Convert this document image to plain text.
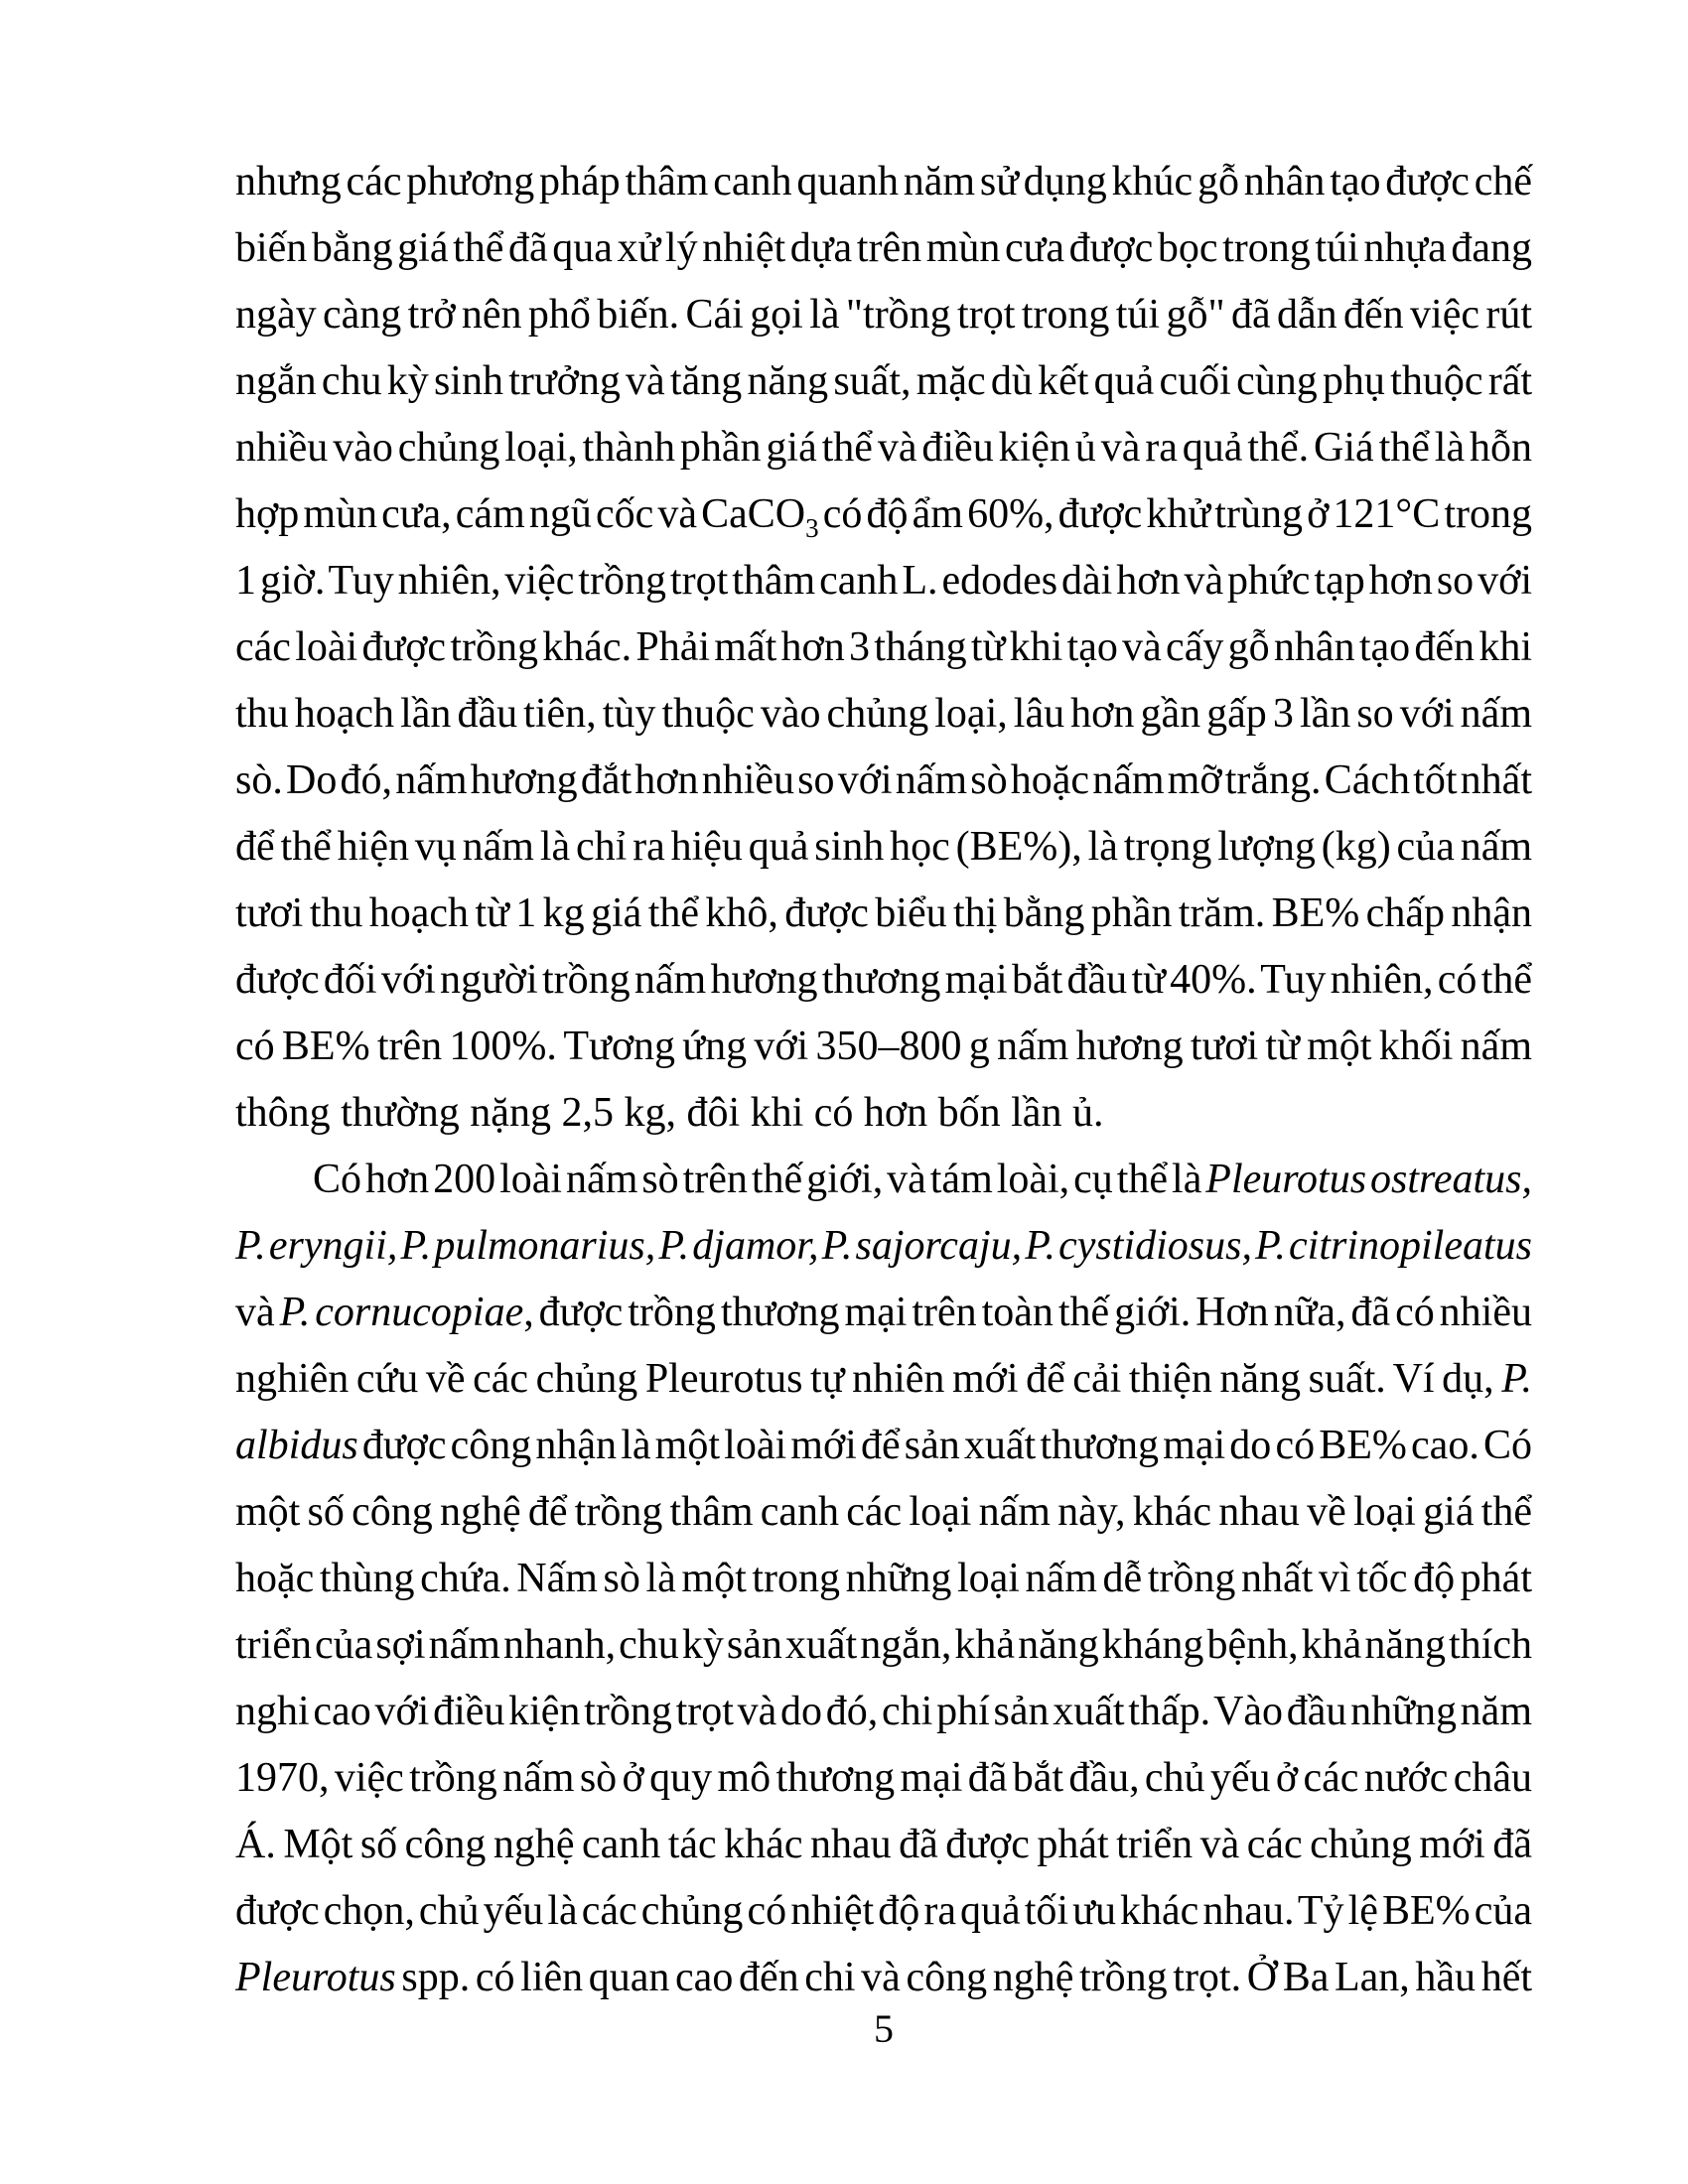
nhưng các phương pháp thâm canh quanh năm sử dụng khúc gỗ nhân tạo được chế
biến bằng giá thể đã qua xử lý nhiệt dựa trên mùn cưa được bọc trong túi nhựa đang
ngày càng trở nên phổ biến. Cái gọi là "trồng trọt trong túi gỗ" đã dẫn đến việc rút
ngắn chu kỳ sinh trưởng và tăng năng suất, mặc dù kết quả cuối cùng phụ thuộc rất
nhiều vào chủng loại, thành phần giá thể và điều kiện ủ và ra quả thể. Giá thể là hỗn
hợp mùn cưa, cám ngũ cốc và CaCO$_3$ có độ ẩm 60%, được khử trùng ở 121°C trong
1 giờ. Tuy nhiên, việc trồng trọt thâm canh L. edodes dài hơn và phức tạp hơn so với
các loài được trồng khác. Phải mất hơn 3 tháng từ khi tạo và cấy gỗ nhân tạo đến khi
thu hoạch lần đầu tiên, tùy thuộc vào chủng loại, lâu hơn gần gấp 3 lần so với nấm
sò. Do đó, nấm hương đắt hơn nhiều so với nấm sò hoặc nấm mỡ trắng. Cách tốt nhất
để thể hiện vụ nấm là chỉ ra hiệu quả sinh học (BE%), là trọng lượng (kg) của nấm
tươi thu hoạch từ 1 kg giá thể khô, được biểu thị bằng phần trăm. BE% chấp nhận
được đối với người trồng nấm hương thương mại bắt đầu từ 40%. Tuy nhiên, có thể
có BE% trên 100%. Tương ứng với 350–800 g nấm hương tươi từ một khối nấm
thông thường nặng 2,5 kg, đôi khi có hơn bốn lần ủ.
Có hơn 200 loài nấm sò trên thế giới, và tám loài, cụ thể là Pleurotus ostreatus,
P. eryngii, P. pulmonarius, P. djamor, P. sajorcaju, P. cystidiosus, P. citrinopileatus
và P. cornucopiae, được trồng thương mại trên toàn thế giới. Hơn nữa, đã có nhiều
nghiên cứu về các chủng Pleurotus tự nhiên mới để cải thiện năng suất. Ví dụ, P.
albidus được công nhận là một loài mới để sản xuất thương mại do có BE% cao. Có
một số công nghệ để trồng thâm canh các loại nấm này, khác nhau về loại giá thể
hoặc thùng chứa. Nấm sò là một trong những loại nấm dễ trồng nhất vì tốc độ phát
triển của sợi nấm nhanh, chu kỳ sản xuất ngắn, khả năng kháng bệnh, khả năng thích
nghi cao với điều kiện trồng trọt và do đó, chi phí sản xuất thấp. Vào đầu những năm
1970, việc trồng nấm sò ở quy mô thương mại đã bắt đầu, chủ yếu ở các nước châu
Á. Một số công nghệ canh tác khác nhau đã được phát triển và các chủng mới đã
được chọn, chủ yếu là các chủng có nhiệt độ ra quả tối ưu khác nhau. Tỷ lệ BE% của
Pleurotus spp. có liên quan cao đến chi và công nghệ trồng trọt. Ở Ba Lan, hầu hết
5
